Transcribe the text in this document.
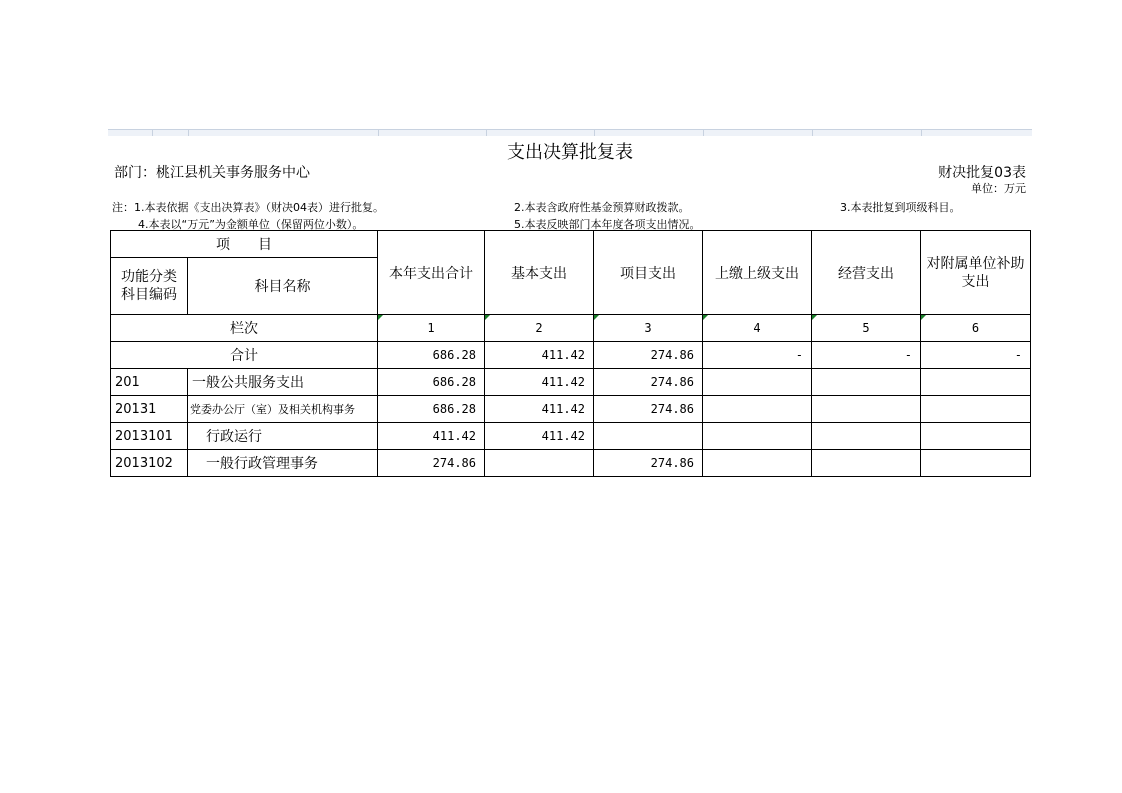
支出决算批复表
部门：桃江县机关事务服务中心	财决批复03表
单位：万元
注：1.本表依据《支出决算表》（财决04表）进行批复。	2.本表含政府性基金预算财政拨款。	3.本表批复到项级科目。
4.本表以“万元”为金额单位（保留两位小数）。	5.本表反映部门本年度各项支出情况。
项　　目		本年支出合计	基本支出	项目支出	上缴上级支出	经营支出	对附属单位补助支出
功能分类科目编码	科目名称						
栏次		1	2	3	4	5	6
合计		686.28	411.42	274.86	-	-	-
201	一般公共服务支出	686.28	411.42	274.86			
20131	党委办公厅（室）及相关机构事务	686.28	411.42	274.86			
2013101	　行政运行	411.42	411.42				
2013102	　一般行政管理事务	274.86		274.86			
